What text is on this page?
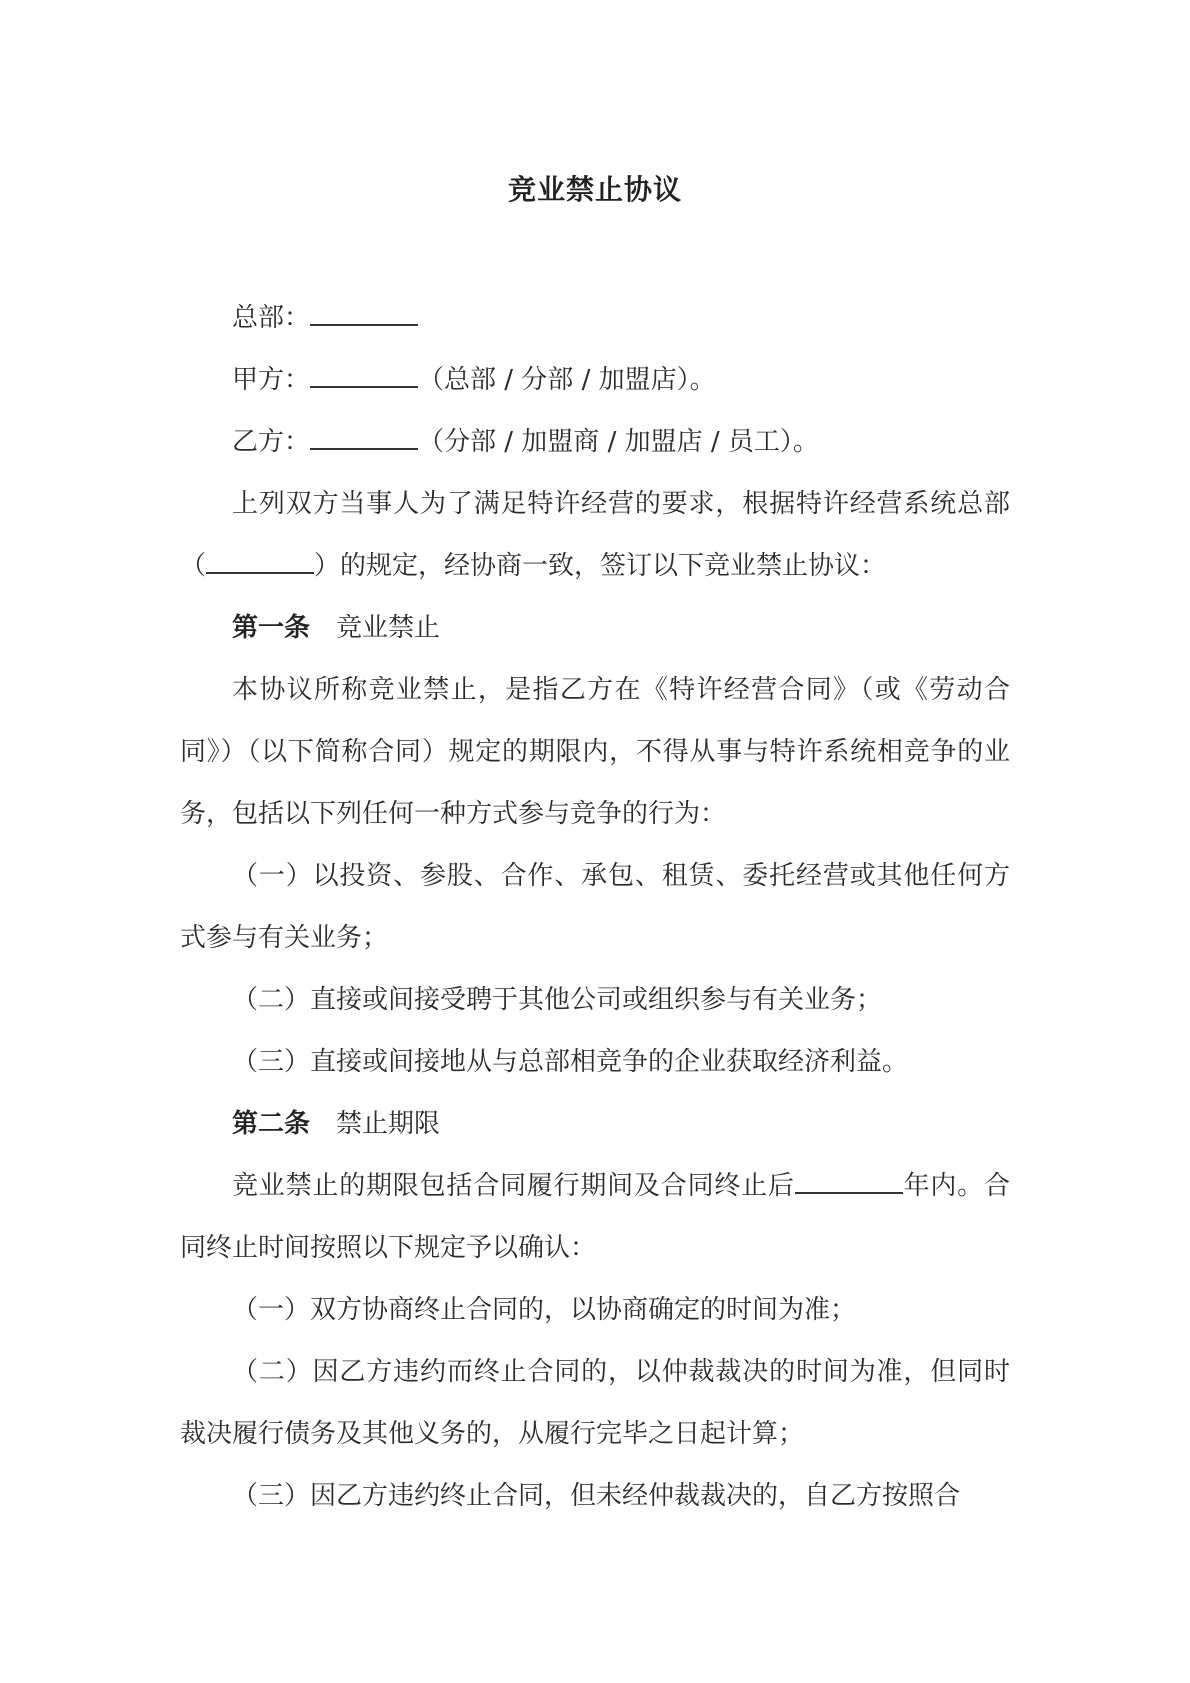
竞业禁止协议

总部：

甲方：	（总部 / 分部 / 加盟店）。

乙方：	（分部 / 加盟商 / 加盟店 / 员工）。

上列双方当事人为了满足特许经营的要求，根据特许经营系统总部（	）的规定，经协商一致，签订以下竞业禁止协议：

第一条 竞业禁止

本协议所称竞业禁止，是指乙方在《特许经营合同》（或《劳动合同》）（以下简称合同）规定的期限内，不得从事与特许系统相竞争的业务，包括以下列任何一种方式参与竞争的行为：

（一）以投资、参股、合作、承包、租赁、委托经营或其他任何方式参与有关业务；

（二）直接或间接受聘于其他公司或组织参与有关业务；

（三）直接或间接地从与总部相竞争的企业获取经济利益。

第二条 禁止期限

竞业禁止的期限包括合同履行期间及合同终止后	年内。合同终止时间按照以下规定予以确认：

（一）双方协商终止合同的，以协商确定的时间为准；

（二）因乙方违约而终止合同的，以仲裁裁决的时间为准，但同时裁决履行债务及其他义务的，从履行完毕之日起计算；

（三）因乙方违约终止合同，但未经仲裁裁决的，自乙方按照合
